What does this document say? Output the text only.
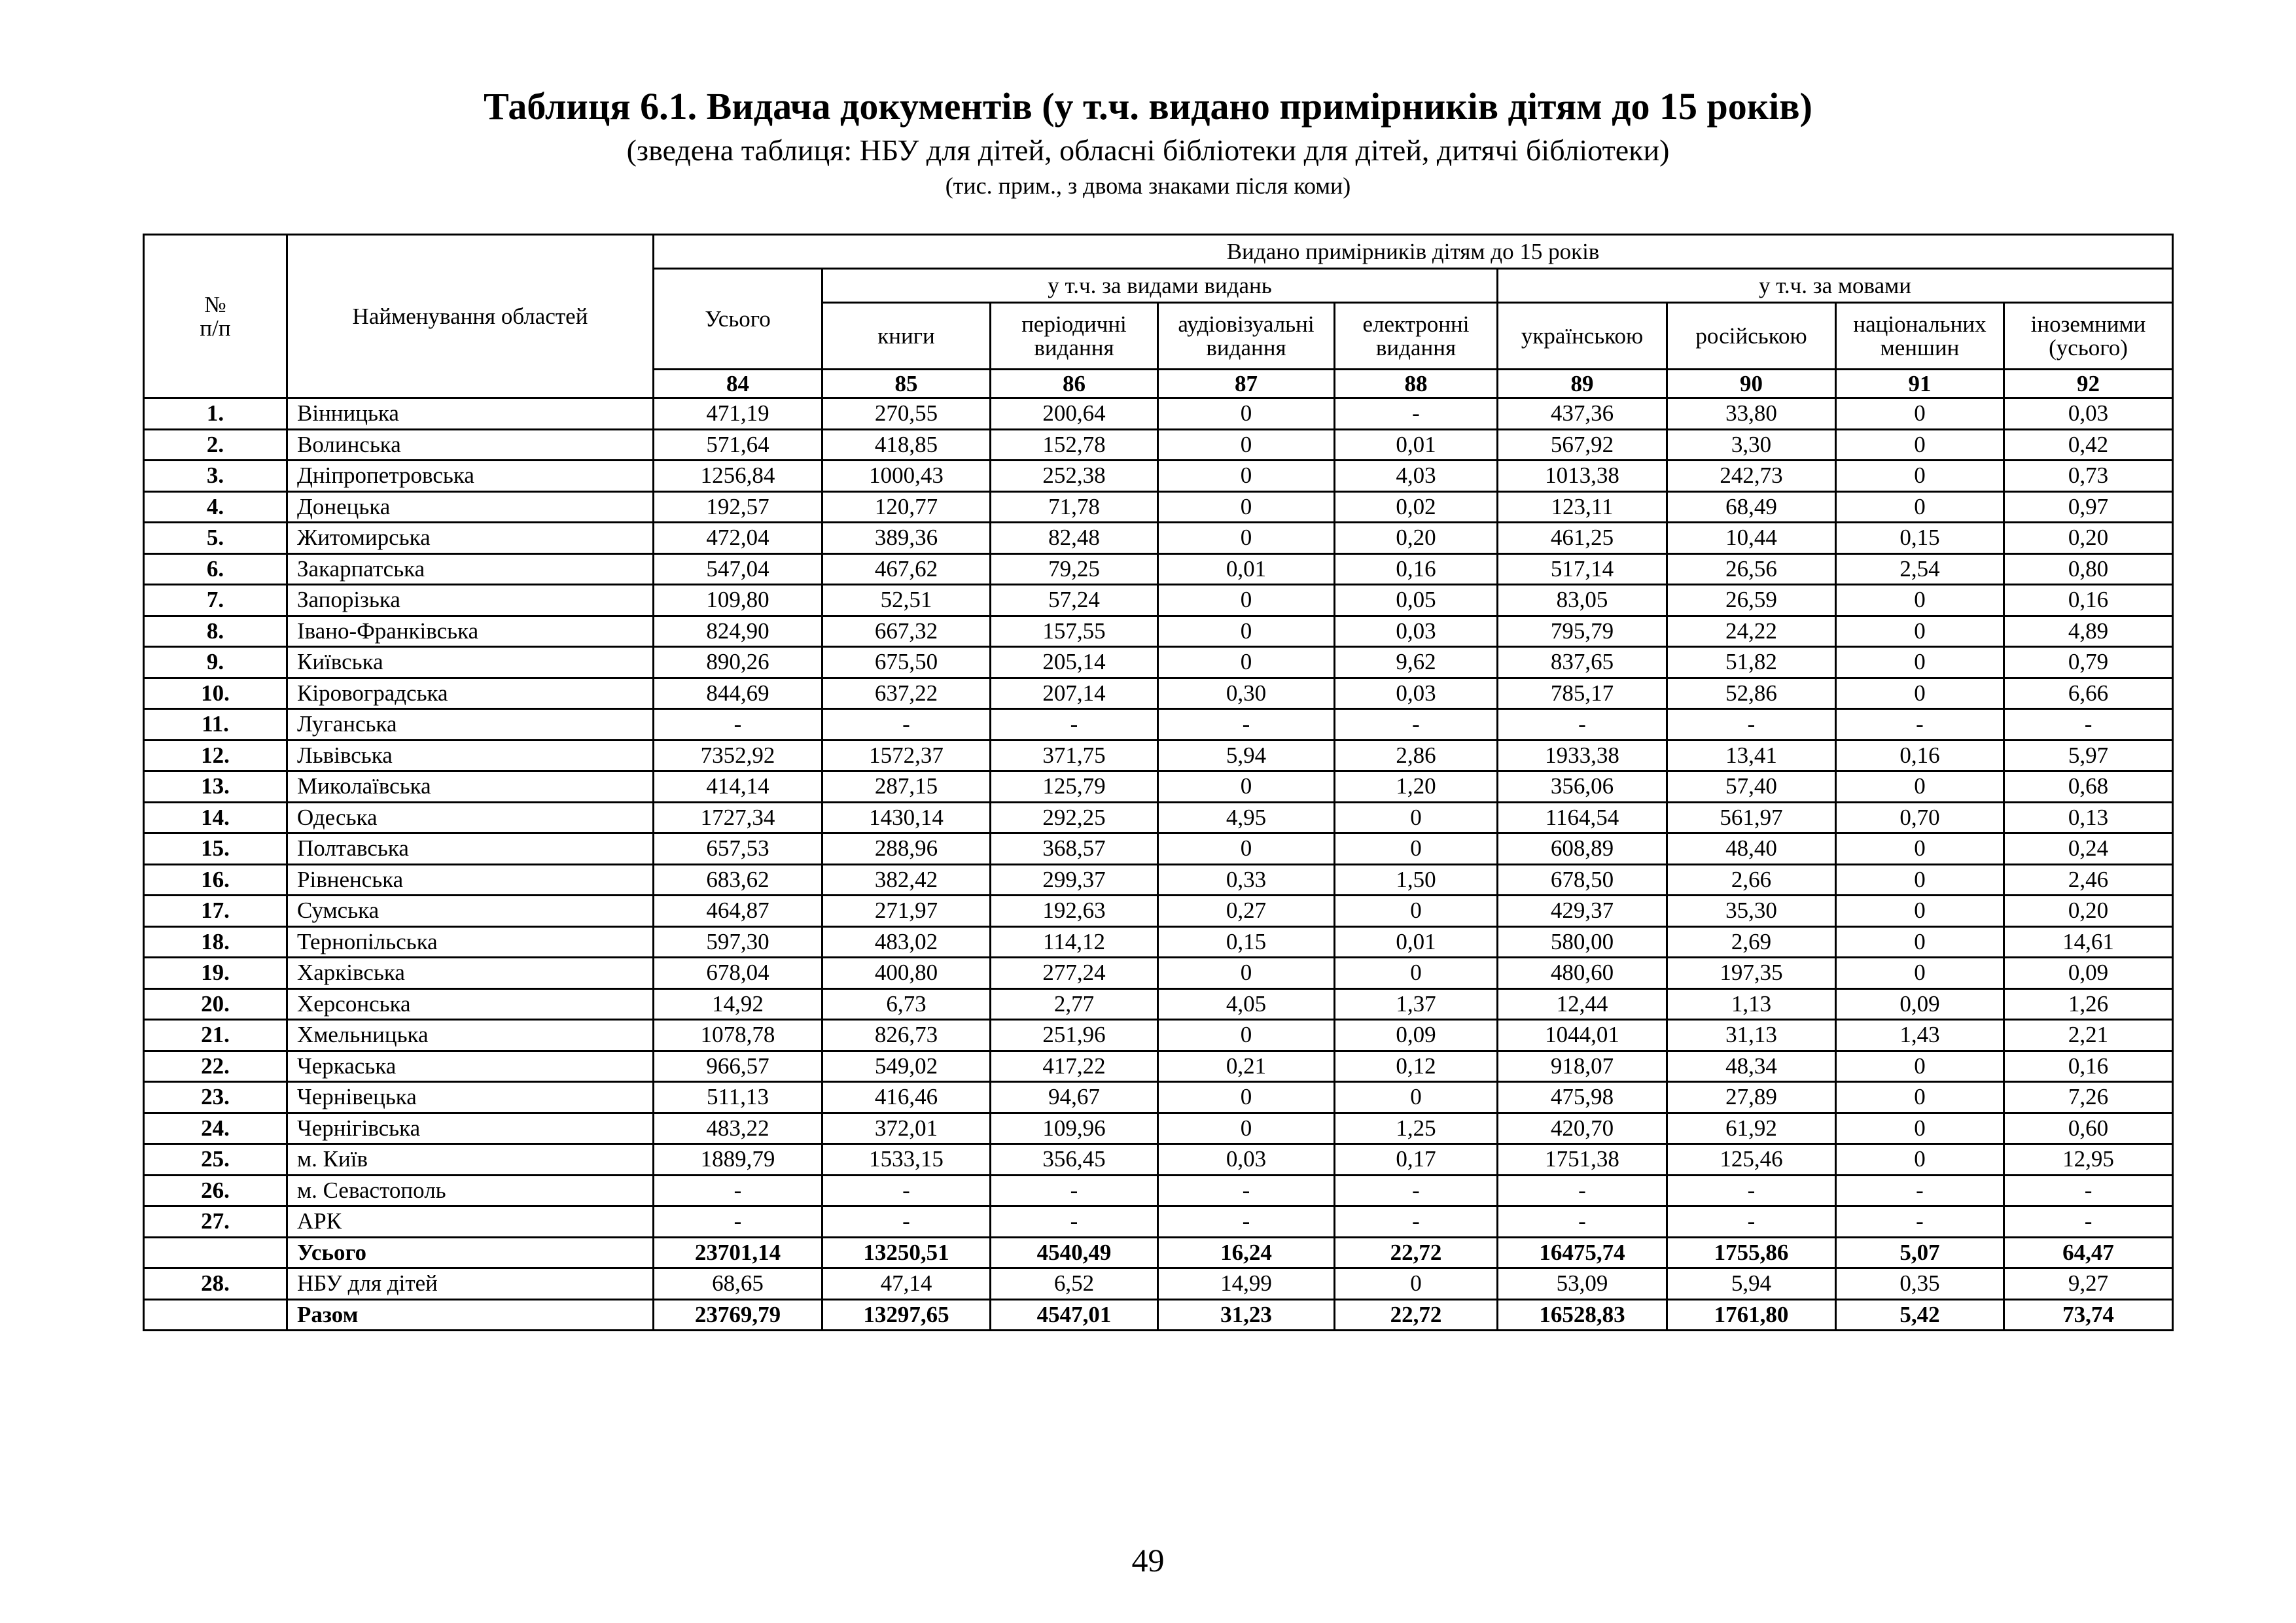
Таблиця 6.1. Видача документів (у т.ч. видано примірників дітям до 15 років)
(зведена таблиця: НБУ для дітей, обласні бібліотеки для дітей, дитячі бібліотеки)
(тис. прим., з двома знаками після коми)
№
п/п	Найменування областей	Видано примірників дітям до 15 років								
		Усього	у т.ч. за видами видань				у т.ч. за мовами			
			книги	періодичні видання	аудіовізуальні видання	електронні видання	українською	російською	національних меншин	іноземними (усього)
		84	85	86	87	88	89	90	91	92
1.	Вінницька	471,19	270,55	200,64	0	-	437,36	33,80	0	0,03
2.	Волинська	571,64	418,85	152,78	0	0,01	567,92	3,30	0	0,42
3.	Дніпропетровська	1256,84	1000,43	252,38	0	4,03	1013,38	242,73	0	0,73
4.	Донецька	192,57	120,77	71,78	0	0,02	123,11	68,49	0	0,97
5.	Житомирська	472,04	389,36	82,48	0	0,20	461,25	10,44	0,15	0,20
6.	Закарпатська	547,04	467,62	79,25	0,01	0,16	517,14	26,56	2,54	0,80
7.	Запорізька	109,80	52,51	57,24	0	0,05	83,05	26,59	0	0,16
8.	Івано-Франківська	824,90	667,32	157,55	0	0,03	795,79	24,22	0	4,89
9.	Київська	890,26	675,50	205,14	0	9,62	837,65	51,82	0	0,79
10.	Кіровоградська	844,69	637,22	207,14	0,30	0,03	785,17	52,86	0	6,66
11.	Луганська	-	-	-	-	-	-	-	-	-
12.	Львівська	7352,92	1572,37	371,75	5,94	2,86	1933,38	13,41	0,16	5,97
13.	Миколаївська	414,14	287,15	125,79	0	1,20	356,06	57,40	0	0,68
14.	Одеська	1727,34	1430,14	292,25	4,95	0	1164,54	561,97	0,70	0,13
15.	Полтавська	657,53	288,96	368,57	0	0	608,89	48,40	0	0,24
16.	Рівненська	683,62	382,42	299,37	0,33	1,50	678,50	2,66	0	2,46
17.	Сумська	464,87	271,97	192,63	0,27	0	429,37	35,30	0	0,20
18.	Тернопільська	597,30	483,02	114,12	0,15	0,01	580,00	2,69	0	14,61
19.	Харківська	678,04	400,80	277,24	0	0	480,60	197,35	0	0,09
20.	Херсонська	14,92	6,73	2,77	4,05	1,37	12,44	1,13	0,09	1,26
21.	Хмельницька	1078,78	826,73	251,96	0	0,09	1044,01	31,13	1,43	2,21
22.	Черкаська	966,57	549,02	417,22	0,21	0,12	918,07	48,34	0	0,16
23.	Чернівецька	511,13	416,46	94,67	0	0	475,98	27,89	0	7,26
24.	Чернігівська	483,22	372,01	109,96	0	1,25	420,70	61,92	0	0,60
25.	м. Київ	1889,79	1533,15	356,45	0,03	0,17	1751,38	125,46	0	12,95
26.	м. Севастополь	-	-	-	-	-	-	-	-	-
27.	АРК	-	-	-	-	-	-	-	-	-
	Усього	23701,14	13250,51	4540,49	16,24	22,72	16475,74	1755,86	5,07	64,47
28.	НБУ для дітей	68,65	47,14	6,52	14,99	0	53,09	5,94	0,35	9,27
	Разом	23769,79	13297,65	4547,01	31,23	22,72	16528,83	1761,80	5,42	73,74
49
